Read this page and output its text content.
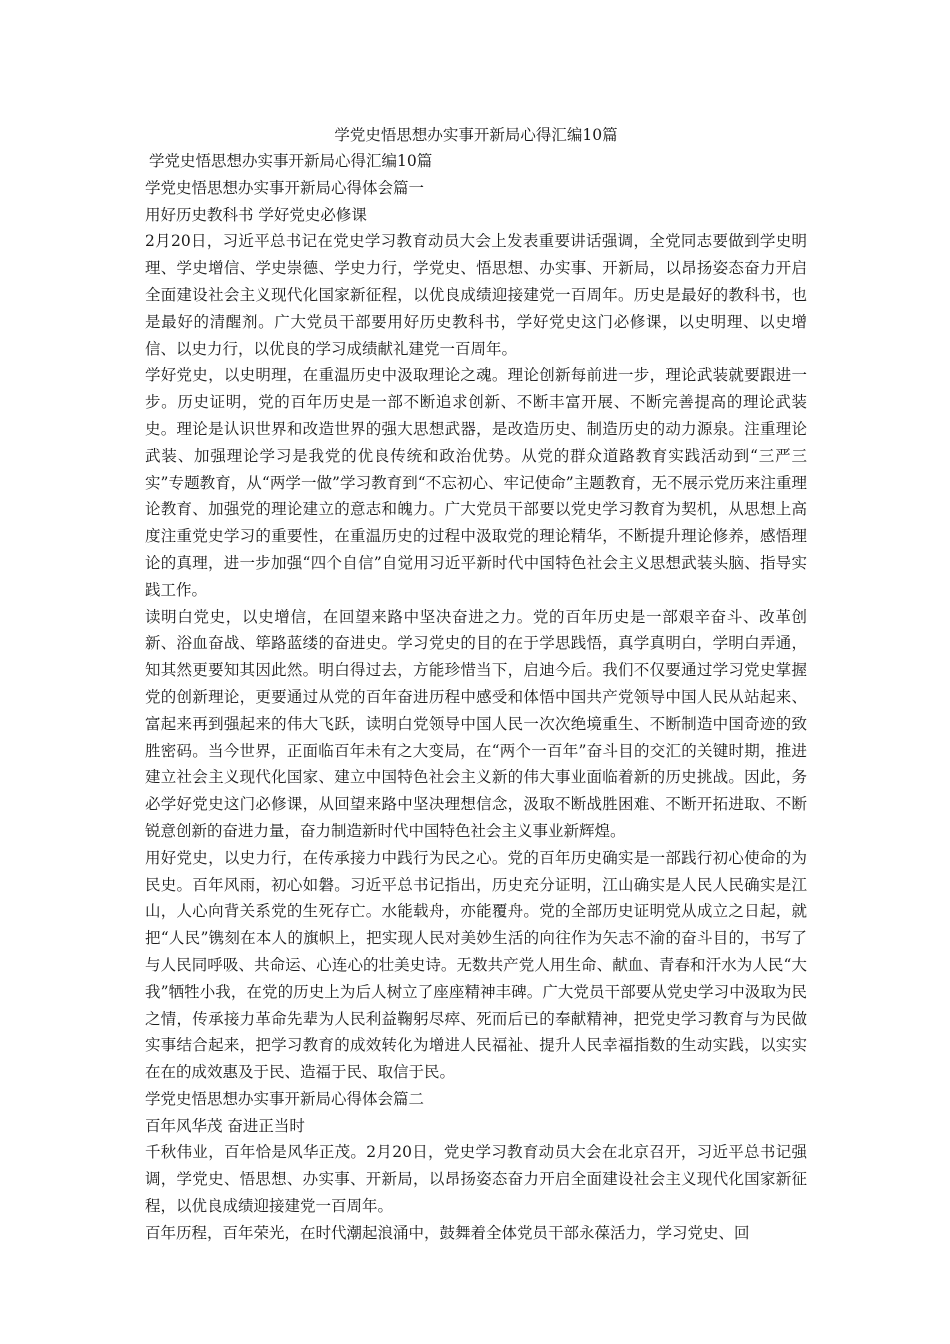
学党史悟思想办实事开新局心得汇编10篇

学党史悟思想办实事开新局心得汇编10篇

学党史悟思想办实事开新局心得体会篇一

用好历史教科书 学好党史必修课

2月20日，习近平总书记在党史学习教育动员大会上发表重要讲话强调，全党同志要做到学史明理、学史增信、学史崇德、学史力行，学党史、悟思想、办实事、开新局，以昂扬姿态奋力开启全面建设社会主义现代化国家新征程，以优良成绩迎接建党一百周年。历史是最好的教科书，也是最好的清醒剂。广大党员干部要用好历史教科书，学好党史这门必修课，以史明理、以史增信、以史力行，以优良的学习成绩献礼建党一百周年。

学好党史，以史明理，在重温历史中汲取理论之魂。理论创新每前进一步，理论武装就要跟进一步。历史证明，党的百年历史是一部不断追求创新、不断丰富开展、不断完善提高的理论武装史。理论是认识世界和改造世界的强大思想武器，是改造历史、制造历史的动力源泉。注重理论武装、加强理论学习是我党的优良传统和政治优势。从党的群众道路教育实践活动到“三严三实”专题教育，从“两学一做”学习教育到“不忘初心、牢记使命”主题教育，无不展示党历来注重理论教育、加强党的理论建立的意志和魄力。广大党员干部要以党史学习教育为契机，从思想上高度注重党史学习的重要性，在重温历史的过程中汲取党的理论精华，不断提升理论修养，感悟理论的真理，进一步加强“四个自信”自觉用习近平新时代中国特色社会主义思想武装头脑、指导实践工作。

读明白党史，以史增信，在回望来路中坚决奋进之力。党的百年历史是一部艰辛奋斗、改革创新、浴血奋战、筚路蓝缕的奋进史。学习党史的目的在于学思践悟，真学真明白，学明白弄通，知其然更要知其因此然。明白得过去，方能珍惜当下，启迪今后。我们不仅要通过学习党史掌握党的创新理论，更要通过从党的百年奋进历程中感受和体悟中国共产党领导中国人民从站起来、富起来再到强起来的伟大飞跃，读明白党领导中国人民一次次绝境重生、不断制造中国奇迹的致胜密码。当今世界，正面临百年未有之大变局，在“两个一百年”奋斗目的交汇的关键时期，推进建立社会主义现代化国家、建立中国特色社会主义新的伟大事业面临着新的历史挑战。因此，务必学好党史这门必修课，从回望来路中坚决理想信念，汲取不断战胜困难、不断开拓进取、不断锐意创新的奋进力量，奋力制造新时代中国特色社会主义事业新辉煌。

用好党史，以史力行，在传承接力中践行为民之心。党的百年历史确实是一部践行初心使命的为民史。百年风雨，初心如磐。习近平总书记指出，历史充分证明，江山确实是人民人民确实是江山，人心向背关系党的生死存亡。水能载舟，亦能覆舟。党的全部历史证明党从成立之日起，就把“人民”镌刻在本人的旗帜上，把实现人民对美妙生活的向往作为矢志不渝的奋斗目的，书写了与人民同呼吸、共命运、心连心的壮美史诗。无数共产党人用生命、献血、青春和汗水为人民“大我”牺牲小我，在党的历史上为后人树立了座座精神丰碑。广大党员干部要从党史学习中汲取为民之情，传承接力革命先辈为人民利益鞠躬尽瘁、死而后已的奉献精神，把党史学习教育与为民做实事结合起来，把学习教育的成效转化为增进人民福祉、提升人民幸福指数的生动实践，以实实在在的成效惠及于民、造福于民、取信于民。

学党史悟思想办实事开新局心得体会篇二

百年风华茂 奋进正当时

千秋伟业，百年恰是风华正茂。2月20日，党史学习教育动员大会在北京召开，习近平总书记强调，学党史、悟思想、办实事、开新局，以昂扬姿态奋力开启全面建设社会主义现代化国家新征程，以优良成绩迎接建党一百周年。

百年历程，百年荣光，在时代潮起浪涌中，鼓舞着全体党员干部永葆活力，学习党史、回
